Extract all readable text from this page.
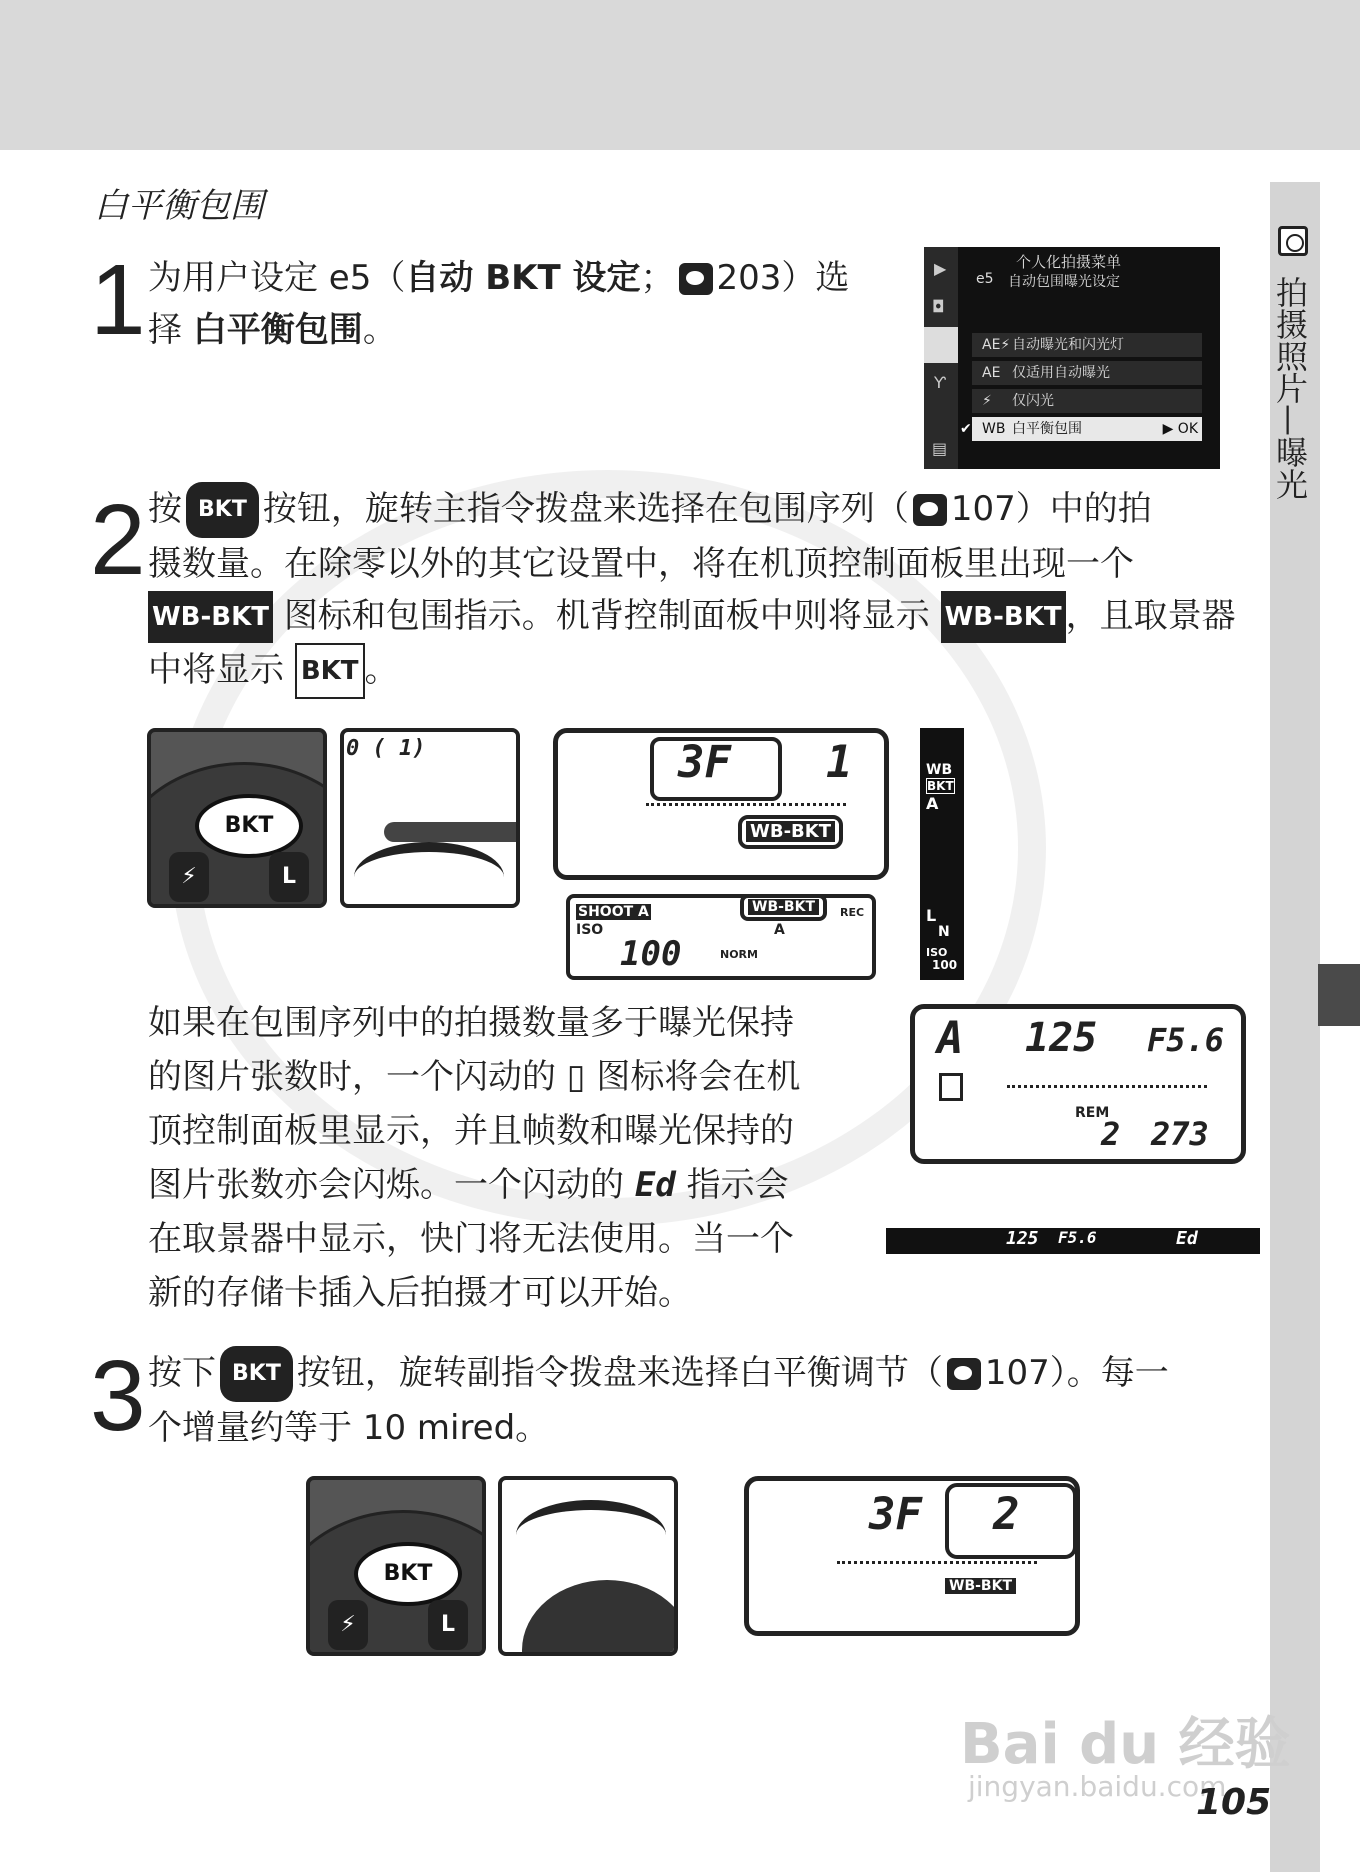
拍摄照片—曝光
白平衡包围
1 为用户设定 e5（自动 BKT 设定； 203）选
择 白平衡包围。
▶
◘
Ƴ
▤
个人化拍摄菜单
e5 自动包围曝光设定
AE⚡ 自动曝光和闪光灯
AE 仅适用自动曝光
⚡ 仅闪光
✔ WB 白平衡包围	▶ OK
2 按 BKT 按钮，旋转主指令拨盘来选择在包围序列（ 107）中的拍
摄数量。在除零以外的其它设置中，将在机顶控制面板里出现一个
WB-BKT 图标和包围指示。机背控制面板中则将显示 WB-BKT ，且取景器
中将显示 BKT 。
BKT
⚡	L
0 ( 1)	3F 1
WB-BKT
SHOOT A
ISO
100	NORM
WB-BKT
A
REC
WB
BKT
A
L
N
ISO
100
如果在包围序列中的拍摄数量多于曝光保持
的图片张数时，一个闪动的 ▯ 图标将会在机
顶控制面板里显示，并且帧数和曝光保持的
图片张数亦会闪烁。一个闪动的 Ed 指示会
在取景器中显示，快门将无法使用。当一个
新的存储卡插入后拍摄才可以开始。
A 125 F5.6
REM
2 273
125 F5.6	Ed
3 按下 BKT 按钮，旋转副指令拨盘来选择白平衡调节（ 107）。每一
个增量约等于 10 mired。
BKT
⚡	L
3F 2
WB-BKT
Bai du 经验
jingyan.baidu.com
105
